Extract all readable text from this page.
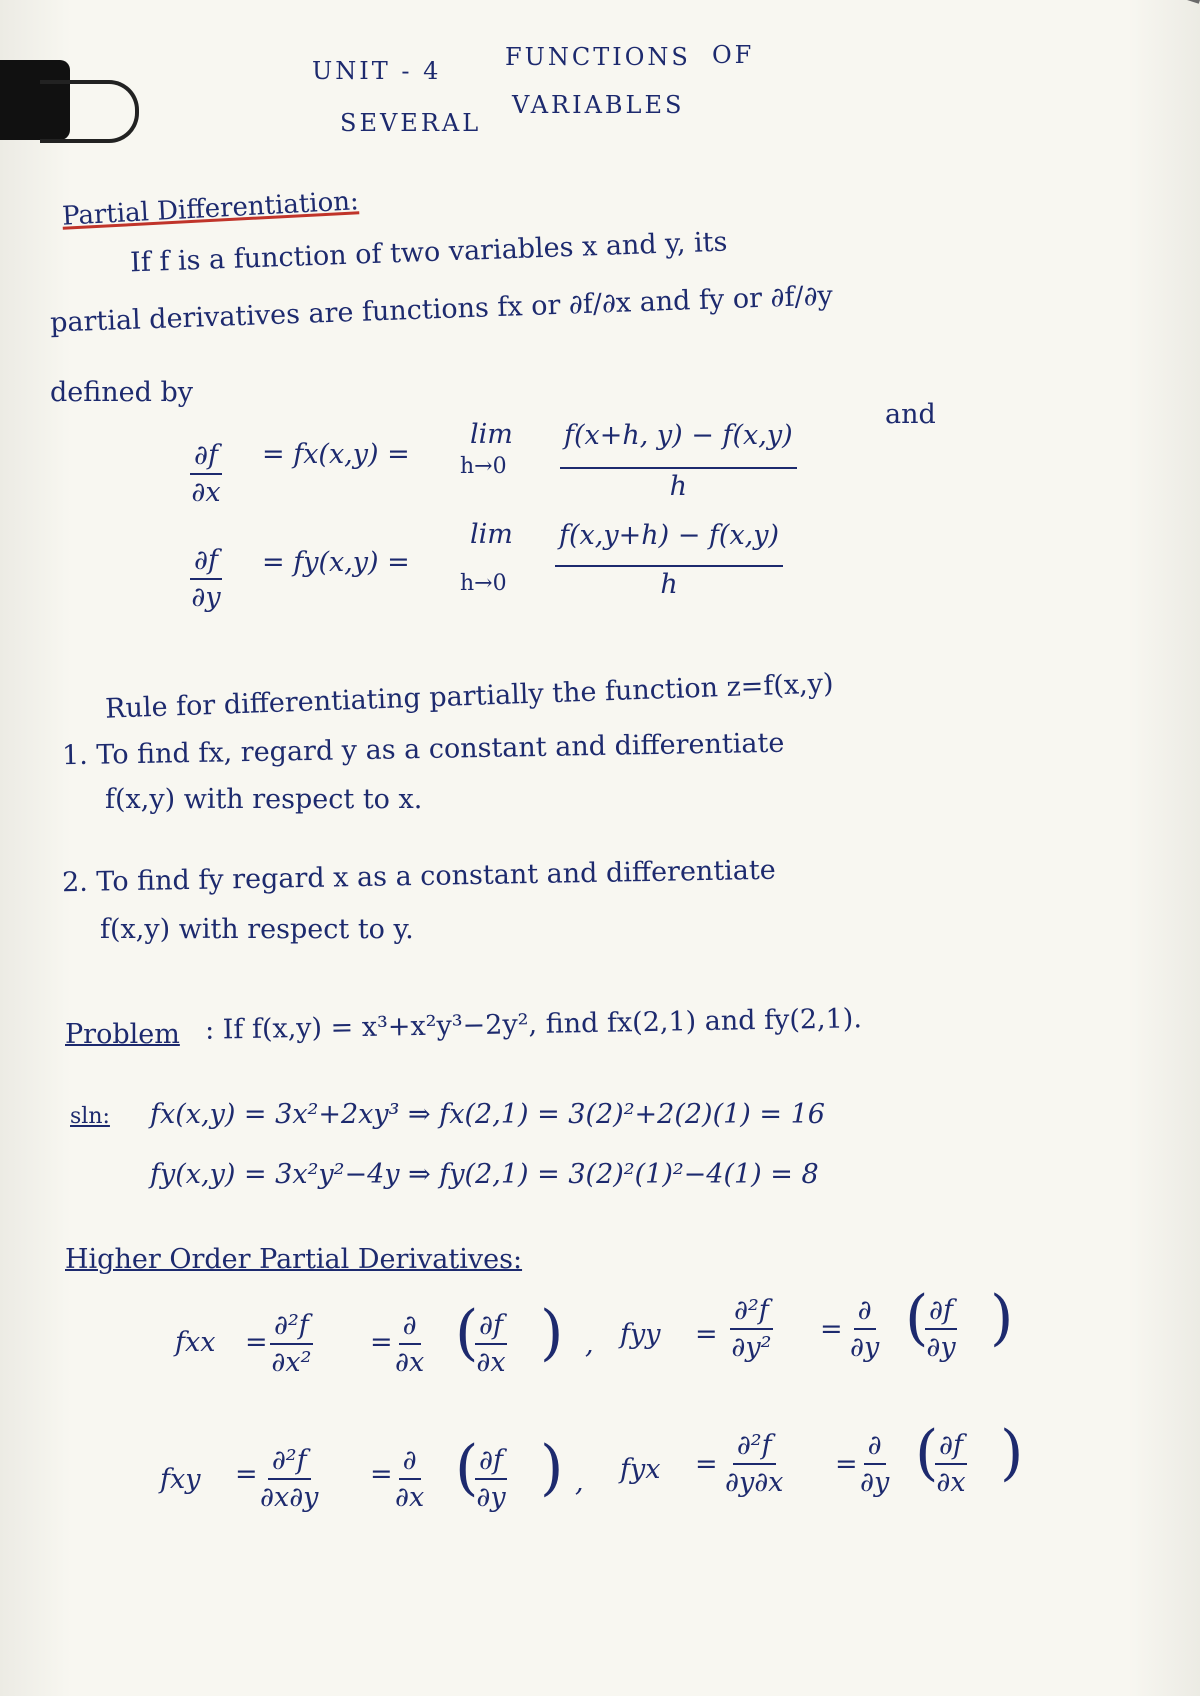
UNIT - 4	FUNCTIONS OF
SEVERAL
VARIABLES
Partial Differentiation:
If f is a function of two variables x and y, its
partial derivatives are functions fx or ∂f/∂x and fy or ∂f/∂y
defined by
$\frac{\partial f}{\partial x} = fx(x,y)$ =
lim
$h\to 0 \frac{f(x+h, y) - f(x,y)}{h}$
and
$\frac{\partial f}{\partial y} = fy(x,y)$ =
lim
$h\to 0 \frac{f(x,y+h) - f(x,y)}{h}$
Rule for differentiating partially the function z=f(x,y)
1. To find fx, regard y as a constant and differentiate
f(x,y) with respect to x.
2. To find fy regard x as a constant and differentiate
f(x,y) with respect to y.
Problem : If f(x,y) = x³+x²y³−2y², find fx(2,1) and fy(2,1).
sln: fx(x,y) = 3x²+2xy³ ⇒ fx(2,1) = 3(2)²+2(2)(1) = 16
fy(x,y) = 3x²y²−4y ⇒ fy(2,1) = 3(2)²(1)²−4(1) = 8
Higher Order Partial Derivatives:
fxx = $\frac{\text{∂²f}}{\text{∂x²}}$ =
∂
∂x (
$\frac{\partial f}{\partial x}$ ) , fyy = $\frac{\text{∂²f}}{\text{∂y²}}$ =
∂
∂y (
$\frac{\partial f}{\partial y}$ )
fxy = $\frac{\text{∂²f}}{\partial x\partial y}$ = ∂
∂x (
$\frac{\partial f}{\partial y}$ ) , fyx = $\frac{\text{∂²f}}{\partial y\partial x}$ =
∂
∂y (
$\frac{\partial f}{\partial x}$ )
